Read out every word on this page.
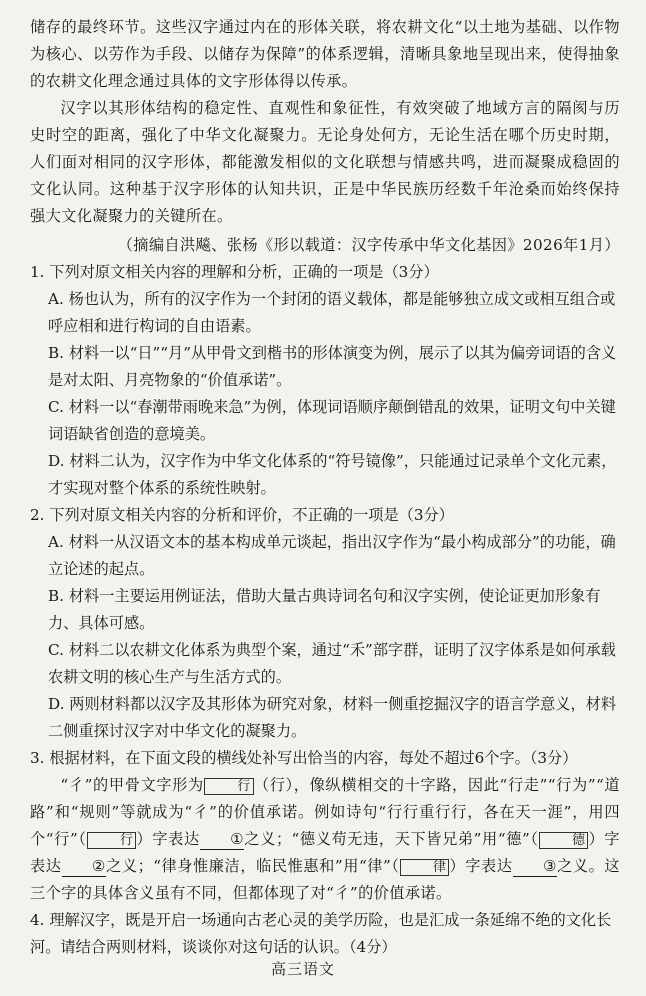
储存的最终环节。这些汉字通过内在的形体关联，将农耕文化“以土地为基础、以作物为核心、以劳作为手段、以储存为保障”的体系逻辑，清晰具象地呈现出来，使得抽象的农耕文化理念通过具体的文字形体得以传承。

汉字以其形体结构的稳定性、直观性和象征性，有效突破了地域方言的隔阂与历史时空的距离，强化了中华文化凝聚力。无论身处何方，无论生活在哪个历史时期，人们面对相同的汉字形体，都能激发相似的文化联想与情感共鸣，进而凝聚成稳固的文化认同。这种基于汉字形体的认知共识，正是中华民族历经数千年沧桑而始终保持强大文化凝聚力的关键所在。

（摘编自洪飚、张杨《形以载道：汉字传承中华文化基因》2026年1月）

1. 下列对原文相关内容的理解和分析，正确的一项是（3分）

A. 杨也认为，所有的汉字作为一个封闭的语义载体，都是能够独立成文或相互组合或呼应相和进行构词的自由语素。

B. 材料一以“日”“月”从甲骨文到楷书的形体演变为例，展示了以其为偏旁词语的含义是对太阳、月亮物象的“价值承诺”。

C. 材料一以“春潮带雨晚来急”为例，体现词语顺序颠倒错乱的效果，证明文句中关键词语缺省创造的意境美。

D. 材料二认为，汉字作为中华文化体系的“符号镜像”，只能通过记录单个文化元素，才实现对整个体系的系统性映射。

2. 下列对原文相关内容的分析和评价，不正确的一项是（3分）

A. 材料一从汉语文本的基本构成单元谈起，指出汉字作为“最小构成部分”的功能，确立论述的起点。

B. 材料一主要运用例证法，借助大量古典诗词名句和汉字实例，使论证更加形象有力、具体可感。

C. 材料二以农耕文化体系为典型个案，通过“禾”部字群，证明了汉字体系是如何承载农耕文明的核心生产与生活方式的。

D. 两则材料都以汉字及其形体为研究对象，材料一侧重挖掘汉字的语言学意义，材料二侧重探讨汉字对中华文化的凝聚力。

3. 根据材料，在下面文段的横线处补写出恰当的内容，每处不超过6个字。（3分）

“彳”的甲骨文字形为	行 （行），像纵横相交的十字路，因此“行走”“行为”“道路”和“规则”等就成为“彳”的价值承诺。例如诗句“行行重行行，各在天一涯”，用四个“行”（	行 ）字表达 ①之义；“德义苟无违，天下皆兄弟”用“德”（	德 ）字表达 ②之义；“律身惟廉洁，临民惟惠和”用“律”（	律 ）字表达 ③之义。这三个字的具体含义虽有不同，但都体现了对“彳”的价值承诺。

4. 理解汉字，既是开启一场通向古老心灵的美学历险，也是汇成一条延绵不绝的文化长河。请结合两则材料，谈谈你对这句话的认识。（4分）

高三语文
